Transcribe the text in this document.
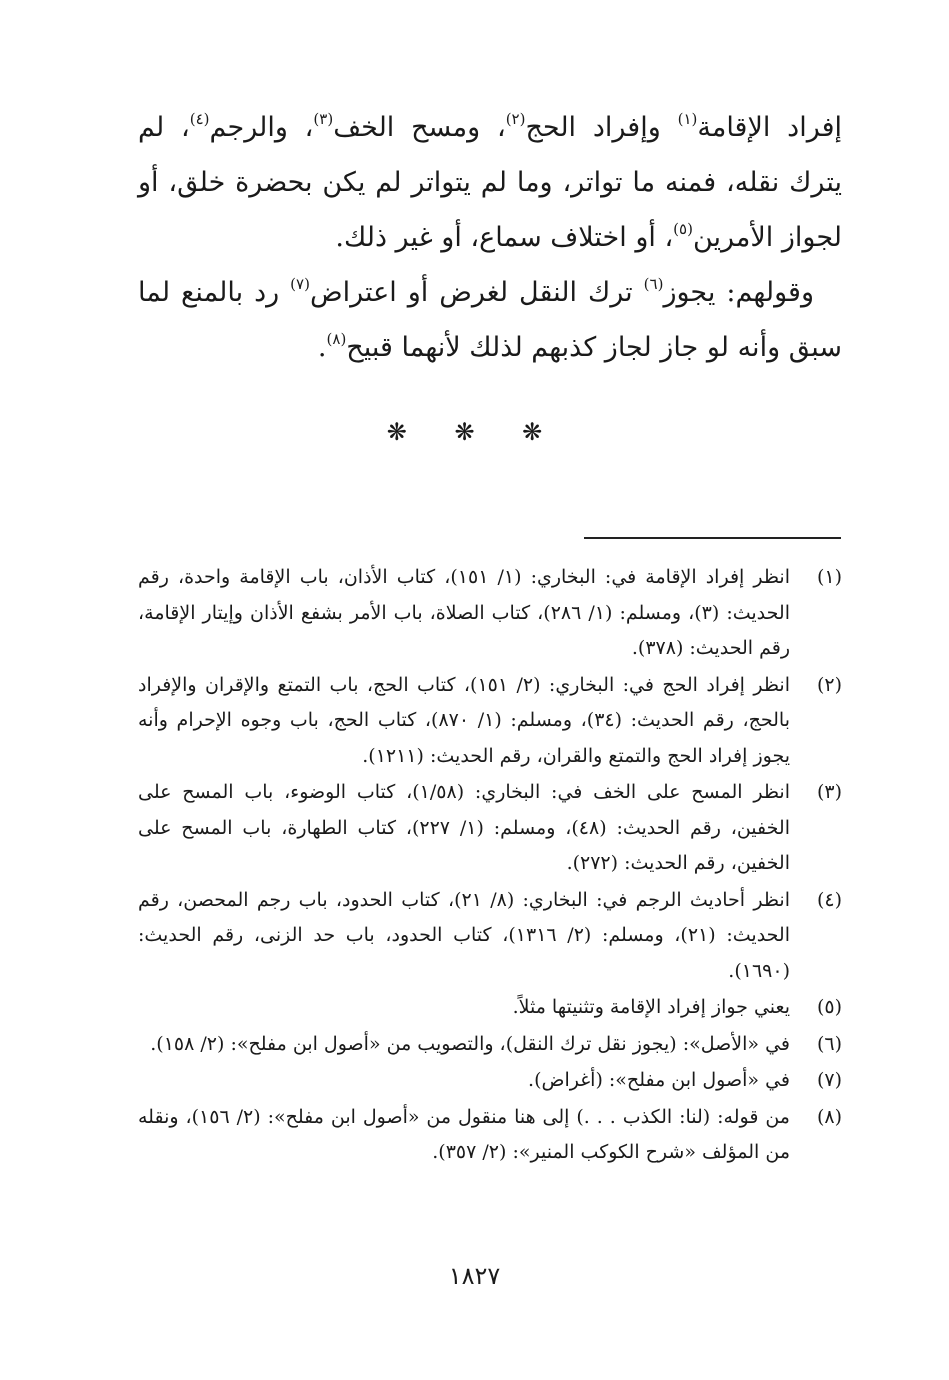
إفراد الإقامة$^{(١)}$ وإفراد الحج$^{(٢)}$، ومسح الخف$^{(٣)}$، والرجم$^{(٤)}$، لم يترك نقله، فمنه ما تواتر، وما لم يتواتر لم يكن بحضرة خلق، أو لجواز الأمرين$^{(٥)}$، أو اختلاف سماع، أو غير ذلك.

وقولهم: يجوز$^{(٦)}$ ترك النقل لغرض أو اعتراض$^{(٧)}$ رد بالمنع لما سبق وأنه لو جاز لجاز كذبهم لذلك لأنهما قبيح$^{(٨)}$.

❋ ❋ ❋
(١)
انظر إفراد الإقامة في: البخاري: (١/ ١٥١)، كتاب الأذان، باب الإقامة واحدة، رقم الحديث: (٣)، ومسلم: (١/ ٢٨٦)، كتاب الصلاة، باب الأمر بشفع الأذان وإيتار الإقامة، رقم الحديث: (٣٧٨).
(٢)
انظر إفراد الحج في: البخاري: (٢/ ١٥١)، كتاب الحج، باب التمتع والإقران والإفراد بالحج، رقم الحديث: (٣٤)، ومسلم: (١/ ٨٧٠)، كتاب الحج، باب وجوه الإحرام وأنه يجوز إفراد الحج والتمتع والقران، رقم الحديث: (١٢١١).
(٣)
انظر المسح على الخف في: البخاري: (١/٥٨)، كتاب الوضوء، باب المسح على الخفين، رقم الحديث: (٤٨)، ومسلم: (١/ ٢٢٧)، كتاب الطهارة، باب المسح على الخفين، رقم الحديث: (٢٧٢).
(٤)
انظر أحاديث الرجم في: البخاري: (٨/ ٢١)، كتاب الحدود، باب رجم المحصن، رقم الحديث: (٢١)، ومسلم: (٢/ ١٣١٦)، كتاب الحدود، باب حد الزنى، رقم الحديث: (١٦٩٠).
(٥)
يعني جواز إفراد الإقامة وتثنيتها مثلاً.
(٦)
في «الأصل»: (يجوز نقل ترك النقل)، والتصويب من «أصول ابن مفلح»: (٢/ ١٥٨).
(٧)
في «أصول ابن مفلح»: (أغراض).
(٨)
من قوله: (لنا: الكذب . . .) إلى هنا منقول من «أصول ابن مفلح»: (٢/ ١٥٦)، ونقله من المؤلف «شرح الكوكب المنير»: (٢/ ٣٥٧).
١٨٢٧
